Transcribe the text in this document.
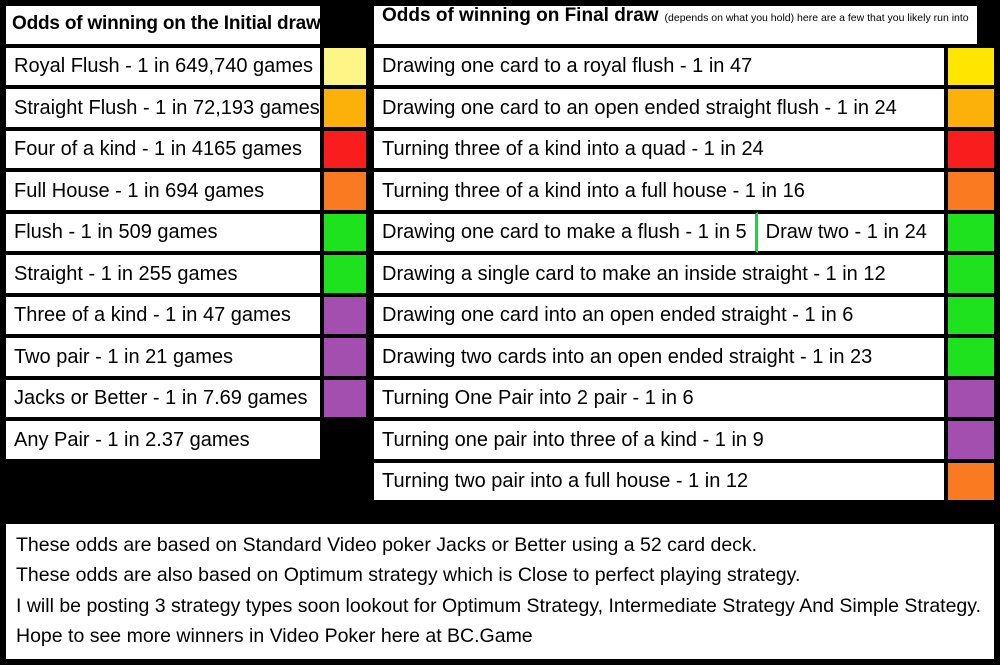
Odds of winning on the Initial draw
Royal Flush - 1 in 649,740 games
Straight Flush - 1 in 72,193 games
Four of a kind - 1 in 4165 games
Full House - 1 in 694 games
Flush - 1 in 509 games
Straight - 1 in 255 games
Three of a kind - 1 in 47 games
Two pair - 1 in 21 games
Jacks or Better - 1 in 7.69 games
Any Pair - 1 in 2.37 games
Odds of winning on Final draw (depends on what you hold) here are a few that you likely run into
Drawing one card to a royal flush - 1 in 47
Drawing one card to an open ended straight flush - 1 in 24
Turning three of a kind into a quad - 1 in 24
Turning three of a kind into a full house - 1 in 16
Drawing one card to make a flush - 1 in 5 Draw two - 1 in 24
Drawing a single card to make an inside straight - 1 in 12
Drawing one card into an open ended straight - 1 in 6
Drawing two cards into an open ended straight - 1 in 23
Turning One Pair into 2 pair - 1 in 6
Turning one pair into three of a kind - 1 in 9
Turning two pair into a full house - 1 in 12

These odds are based on Standard Video poker Jacks or Better using a 52 card deck.

These odds are also based on Optimum strategy which is Close to perfect playing strategy.

I will be posting 3 strategy types soon lookout for Optimum Strategy, Intermediate Strategy And Simple Strategy.

Hope to see more winners in Video Poker here at BC.Game
